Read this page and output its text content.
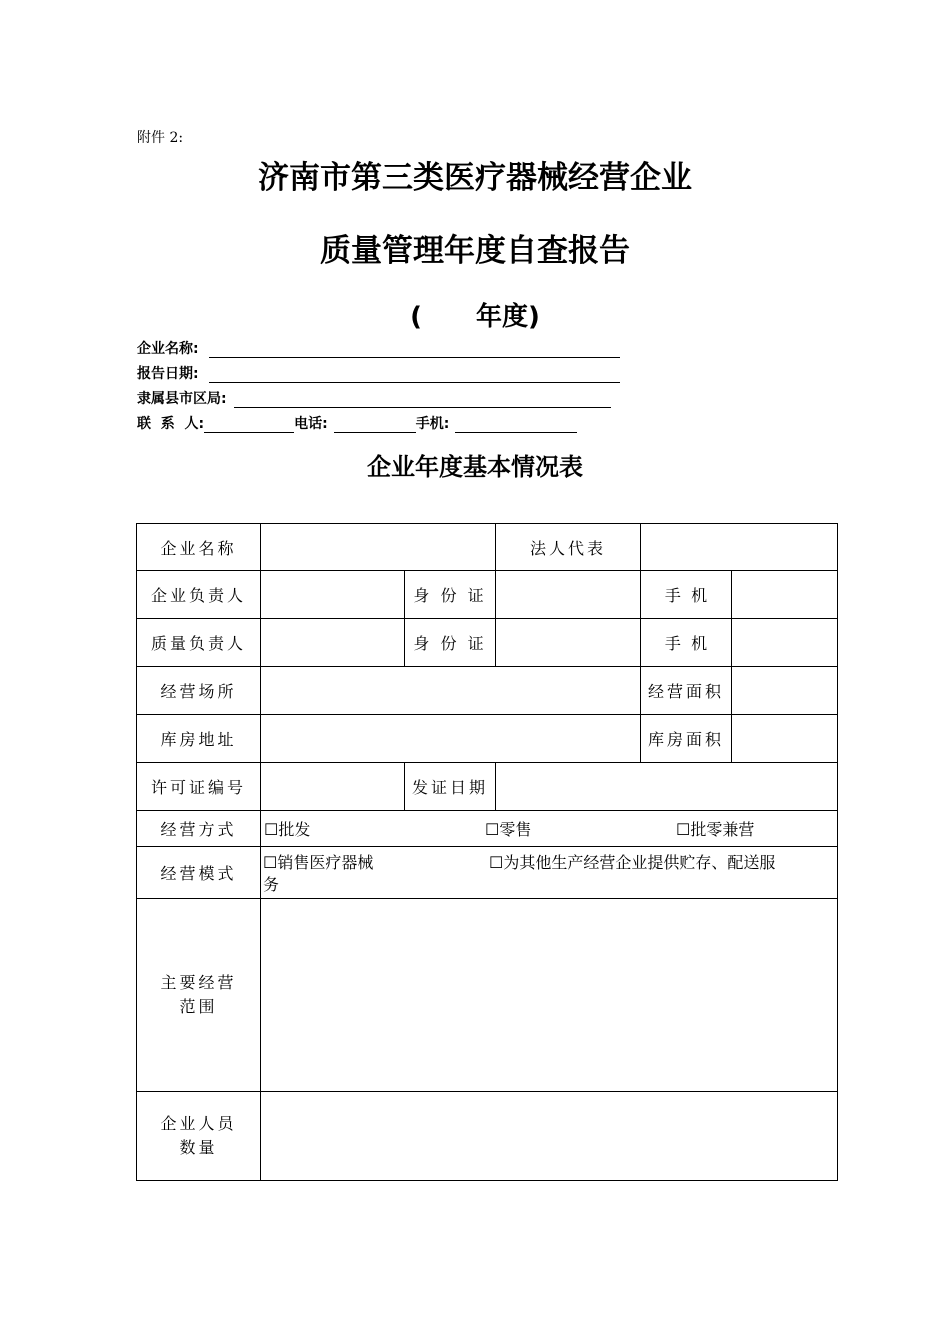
附件 2:
济南市第三类医疗器械经营企业
质量管理年度自查报告
( 年度)
企业名称:
报告日期:
隶属县市区局:
联  系  人:	电话:	手机:
企业年度基本情况表
企业名称			法人代表		
企业负责人		身 份 证		手  机	
质量负责人		身 份 证		手  机	
经营场所				经营面积	
库房地址				库房面积	
许可证编号		发证日期			
经营方式	☐批发 ☐零售 ☐批零兼营				
经营模式	☐销售医疗器械 ☐为其他生产经营企业提供贮存、配送服
务				

主要经营
范围					

企业人员
数量					
